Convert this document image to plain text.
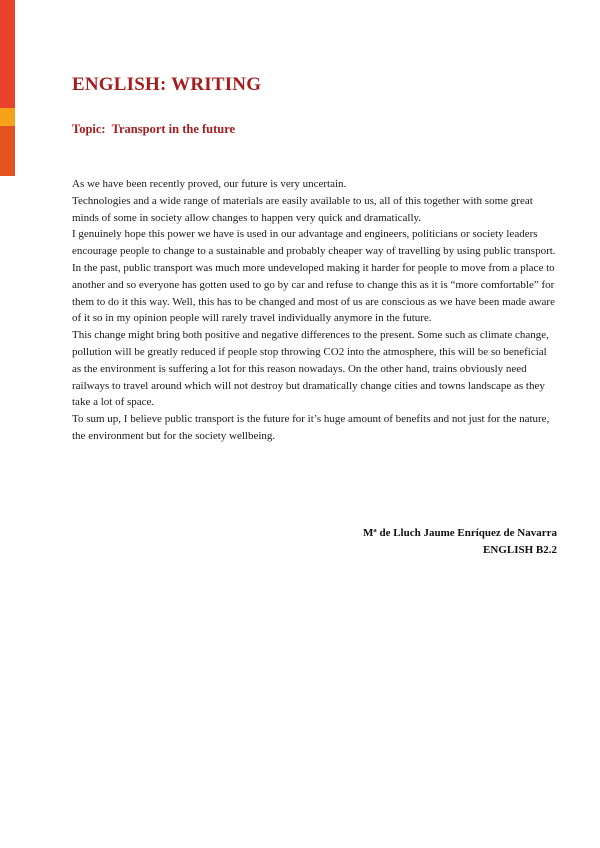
ENGLISH: WRITING
Topic:  Transport in the future

As we have been recently proved, our future is very uncertain.

Technologies and a wide range of materials are easily available to us, all of this together with some great minds of some in society allow changes to happen very quick and dramatically.

I genuinely hope this power we have is used in our advantage and engineers, politicians or society leaders encourage people to change to a sustainable and probably cheaper way of travelling by using public transport.

In the past, public transport was much more undeveloped making it harder for people to move from a place to another and so everyone has gotten used to go by car and refuse to change this as it is “more comfortable” for them to do it this way. Well, this has to be changed and most of us are conscious as we have been made aware of it so in my opinion people will rarely travel individually anymore in the future.

This change might bring both positive and negative differences to the present. Some such as climate change, pollution will be greatly reduced if people stop throwing CO2 into the atmosphere, this will be so beneficial as the environment is suffering a lot for this reason nowadays. On the other hand, trains obviously need railways to travel around which will not destroy but dramatically change cities and towns landscape as they take a lot of space.

To sum up, I believe public transport is the future for it’s huge amount of benefits and not just for the nature, the environment but for the society wellbeing.

Mª de Lluch Jaume Enríquez de Navarra
ENGLISH B2.2
